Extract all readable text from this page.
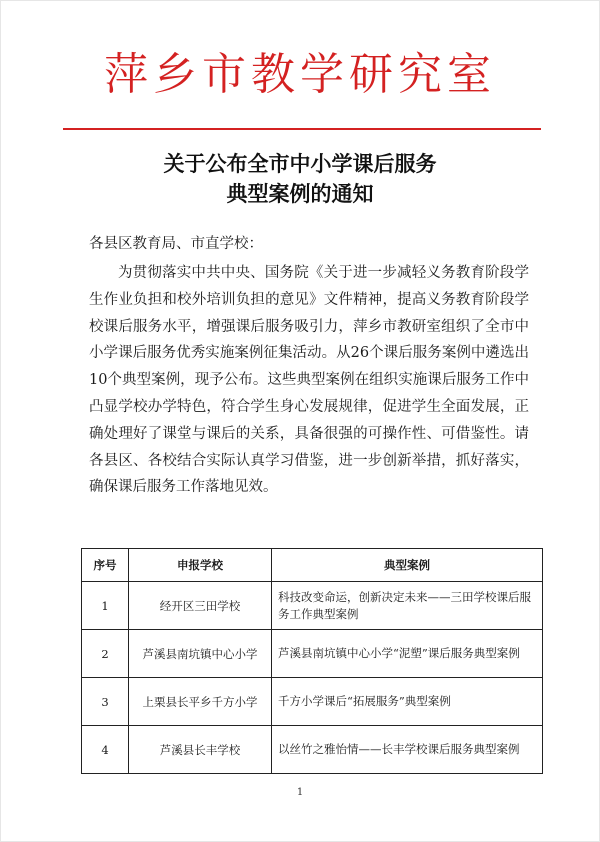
萍乡市教学研究室
关于公布全市中小学课后服务
典型案例的通知
各县区教育局、市直学校：

为贯彻落实中共中央、国务院《关于进一步减轻义务教育阶段学生作业负担和校外培训负担的意见》文件精神，提高义务教育阶段学校课后服务水平，增强课后服务吸引力，萍乡市教研室组织了全市中小学课后服务优秀实施案例征集活动。从26个课后服务案例中遴选出10个典型案例，现予公布。这些典型案例在组织实施课后服务工作中凸显学校办学特色，符合学生身心发展规律，促进学生全面发展，正确处理好了课堂与课后的关系，具备很强的可操作性、可借鉴性。请各县区、各校结合实际认真学习借鉴，进一步创新举措，抓好落实，确保课后服务工作落地见效。

序号	申报学校	典型案例
1	经开区三田学校	科技改变命运，创新决定未来——三田学校课后服务工作典型案例
2	芦溪县南坑镇中心小学	芦溪县南坑镇中心小学“泥塑”课后服务典型案例
3	上栗县长平乡千方小学	千方小学课后“拓展服务”典型案例
4	芦溪县长丰学校	以丝竹之雅怡情——长丰学校课后服务典型案例
1
